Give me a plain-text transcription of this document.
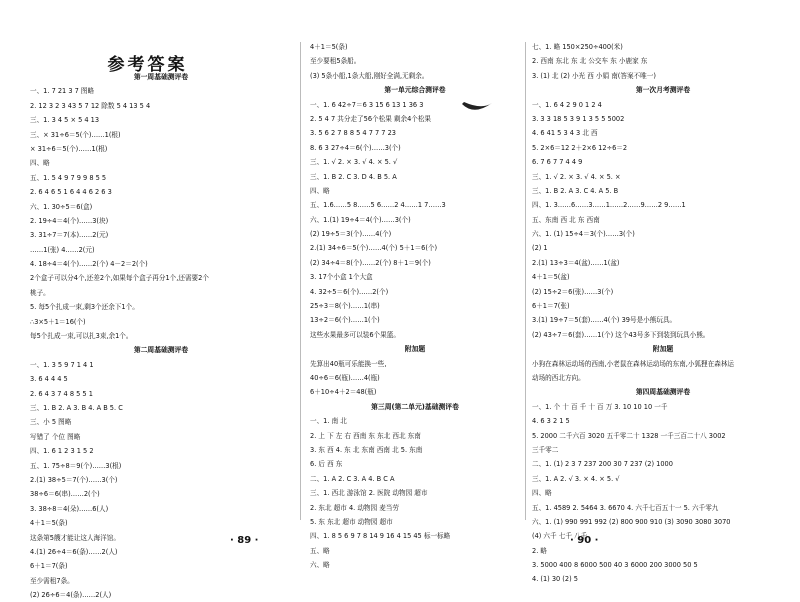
参考答案
第一周基础测评卷
一、1. 7 21 3 7 图略
2. 12 3 2 3 43 5 7 12 除数 5 4 13 5 4
三、1. 3 4 5 × 5 4 13
三、× 31÷6＝5(个)……1(根)
× 31÷6＝5(个)……1(根)
四、略
五、1. 5 4 9 7 9 9 8 5 5
2. 6 4 6 5 1 6 4 4 6 2 6 3
六、1. 30÷5＝6(盒)
2. 19÷4＝4(个)……3(块)
3. 31÷7＝7(本)……2(元)
……1(张) 4……2(元)
4. 18÷4＝4(个)……2(个) 4－2＝2(个)
2个盒子可以分4个,还差2个,如果每个盒子再分1个,还需要2个
桃子。
5. 每5个扎成一束,剩3个还余下1个。
∴3×5＋1＝16(个)
每5个扎成一束,可以扎3束,余1个。
第二周基础测评卷
一、1. 3 5 9 7 1 4 1
3. 6 4 4 4 5
2. 6 4 3 7 4 8 5 5 1
三、1. B 2. A 3. B 4. A B 5. C
三、小 5 图略
写错了 个位 图略
四、1. 6 1 2 3 1 5 2
五、1. 75÷8＝9(个)……3(根)
2.(1) 38÷5＝7(个)……3(个)
38÷6＝6(串)……2(个)
3. 38÷8＝4(朵)……6(人)
4＋1＝5(条)
这条第5艘才能让这人海洋馆。
4.(1) 26÷4＝6(条)……2(人)
6＋1＝7(条)
至少需租7条。
(2) 26÷6＝4(条)……2(人)
4＋1＝5(条)
至少要租5条船。
(3) 5条小船,1条大船,刚好全满,无剩余。
第一单元综合测评卷
一、1. 6 42÷7＝6 3 15 6 13 1 36 3
2. 5 4 7 共分走了56个松果 剩余4个松果
3. 5 6 2 7 8 8 5 4 7 7 7 23
8. 6 3 27÷4＝6(个)……3(个)
三、1. √ 2. × 3. √ 4. × 5. √
三、1. B 2. C 3. D 4. B 5. A
四、略
五、1.6……5 8……5 6……2 4……1 7……3
六、1.(1) 19÷4＝4(个)……3(个)
(2) 19÷5＝3(个)……4(个)
2.(1) 34÷6＝5(个)……4(个) 5＋1＝6(个)
(2) 34÷4＝8(个)……2(个) 8＋1＝9(个)
3. 17个小盒 1个大盒
4. 32÷5＝6(个)……2(个)
25÷3＝8(个)……1(串)
13÷2＝6(个)……1(个)
这些水果最多可以装6个果篮。
附加题
先算出40瓶可乐能换一些,
40÷6＝6(瓶)……4(瓶)
6＋10÷4＋2＝48(瓶)
第三周(第二单元)基础测评卷
一、1. 南 北
2. 上 下 左 右 西南 东 东北 西北 东南
3. 东 西 4. 东 北 东南 西南 北 5. 东南
6. 后 西 东
二、1. A 2. C 3. A 4. B C A
三、1. 西北 游泳馆 2. 医院 动物园 超市
2. 东北 超市 4. 动物园 麦当劳
5. 东 东北 超市 动物园 超市
四、1. 8 5 6 9 7 8 14 9 16 4 15 45 标一标略
五、略
六、略
七、1. 略 150×250÷400(米)
2. 西南 东北 东 北 公交车 东 小鹿家 东
3. (1) 北 (2) 小光 西 小娟 南(答案不唯一)
第一次月考测评卷
一、1. 6 4 2 9 0 1 2 4
3. 3 3 18 5 3 9 1 3 5 5 5002
4. 6 41 5 3 4 3 北 西
5. 2×6＝12 2＋2×6 12÷6＝2
6. 7 6 7 7 4 4 9
三、1. √ 2. × 3. √ 4. × 5. ×
三、1. B 2. A 3. C 4. A 5. B
四、1. 3……6……3……1……2……9……2 9……1
五、东南 西 北 东 西南
六、1. (1) 15÷4＝3(个)……3(个)
(2) 1
2.(1) 13÷3＝4(盆)……1(盆)
4＋1＝5(盆)
(2) 15÷2＝6(张)……3(个)
6＋1＝7(张)
3.(1) 19÷7＝5(套)……4(个) 39号是小熊玩具。
(2) 43÷7＝6(套)……1(个) 这个43号多下到装到玩具小熊。
附加题
小狗在森林运动场的西南,小老鼠在森林运动场的东南,小狐狸在森林运
动场的西北方向。
第四周基础测评卷
一、1. 个 十 百 千 十 百 万 3. 10 10 10 一千
4. 6 3 2 1 5
5. 2000 二千六百 3020 五千零二十 1328 一千三百二十八 3002
三千零二
二、1. (1) 2 3 7 237 200 30 7 237 (2) 1000
三、1. A 2. √ 3. × 4. × 5. √
四、略
五、1. 4589 2. 5464 3. 6670 4. 六千七百五十一 5. 六千零九
六、1. (1) 990 991 992 (2) 800 900 910 (3) 3090 3080 3070
(4) 六千 七千 八千
2. 略
3. 5000 400 8 6000 500 40 3 6000 200 3000 50 5
4. (1) 30 (2) 5
· 89 ·	· 90 ·
